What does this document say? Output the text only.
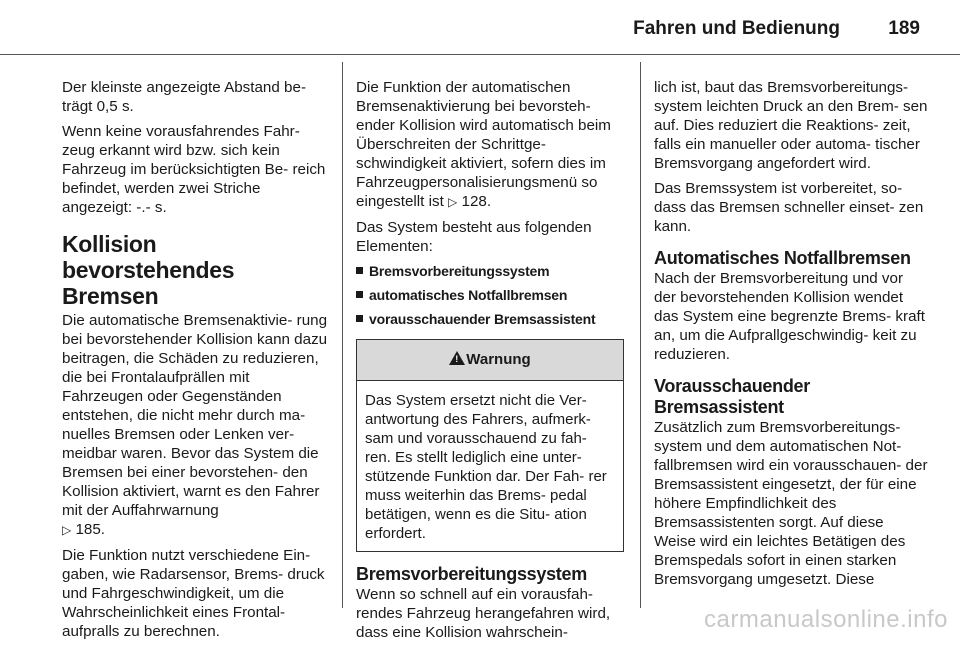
Fahren und Bedienung	189

Der kleinste angezeigte Abstand be- trägt 0,5 s.

Wenn keine vorausfahrendes Fahr- zeug erkannt wird bzw. sich kein Fahrzeug im berücksichtigten Be- reich befindet, werden zwei Striche angezeigt: -.- s.

Kollision bevorstehendes Bremsen

Die automatische Bremsenaktivie- rung bei bevorstehender Kollision kann dazu beitragen, die Schäden zu reduzieren, die bei Frontalaufprällen mit Fahrzeugen oder Gegenständen entstehen, die nicht mehr durch ma- nuelles Bremsen oder Lenken ver- meidbar waren. Bevor das System die Bremsen bei einer bevorstehen- den Kollision aktiviert, warnt es den Fahrer mit der Auffahrwarnung
▷ 185.

Die Funktion nutzt verschiedene Ein- gaben, wie Radarsensor, Brems- druck und Fahrgeschwindigkeit, um die Wahrscheinlichkeit eines Frontal- aufpralls zu berechnen.

Die Funktion der automatischen Bremsenaktivierung bei bevorsteh- ender Kollision wird automatisch beim Überschreiten der Schrittge- schwindigkeit aktiviert, sofern dies im Fahrzeugpersonalisierungsmenü so eingestellt ist ▷ 128.

Das System besteht aus folgenden Elementen:

Bremsvorbereitungssystem
automatisches Notfallbremsen
vorausschauender Bremsassistent
!Warnung
Das System ersetzt nicht die Ver- antwortung des Fahrers, aufmerk- sam und vorausschauend zu fah- ren. Es stellt lediglich eine unter- stützende Funktion dar. Der Fah- rer muss weiterhin das Brems- pedal betätigen, wenn es die Situ- ation erfordert.
Bremsvorbereitungssystem

Wenn so schnell auf ein vorausfah- rendes Fahrzeug herangefahren wird, dass eine Kollision wahrschein-

lich ist, baut das Bremsvorbereitungs- system leichten Druck an den Brem- sen auf. Dies reduziert die Reaktions- zeit, falls ein manueller oder automa- tischer Bremsvorgang angefordert wird.

Das Bremssystem ist vorbereitet, so- dass das Bremsen schneller einset- zen kann.

Automatisches Notfallbremsen

Nach der Bremsvorbereitung und vor der bevorstehenden Kollision wendet das System eine begrenzte Brems- kraft an, um die Aufprallgeschwindig- keit zu reduzieren.

Vorausschauender Bremsassistent

Zusätzlich zum Bremsvorbereitungs- system und dem automatischen Not- fallbremsen wird ein vorausschauen- der Bremsassistent eingesetzt, der für eine höhere Empfindlichkeit des Bremsassistenten sorgt. Auf diese Weise wird ein leichtes Betätigen des Bremspedals sofort in einen starken Bremsvorgang umgesetzt. Diese

carmanualsonline.info
